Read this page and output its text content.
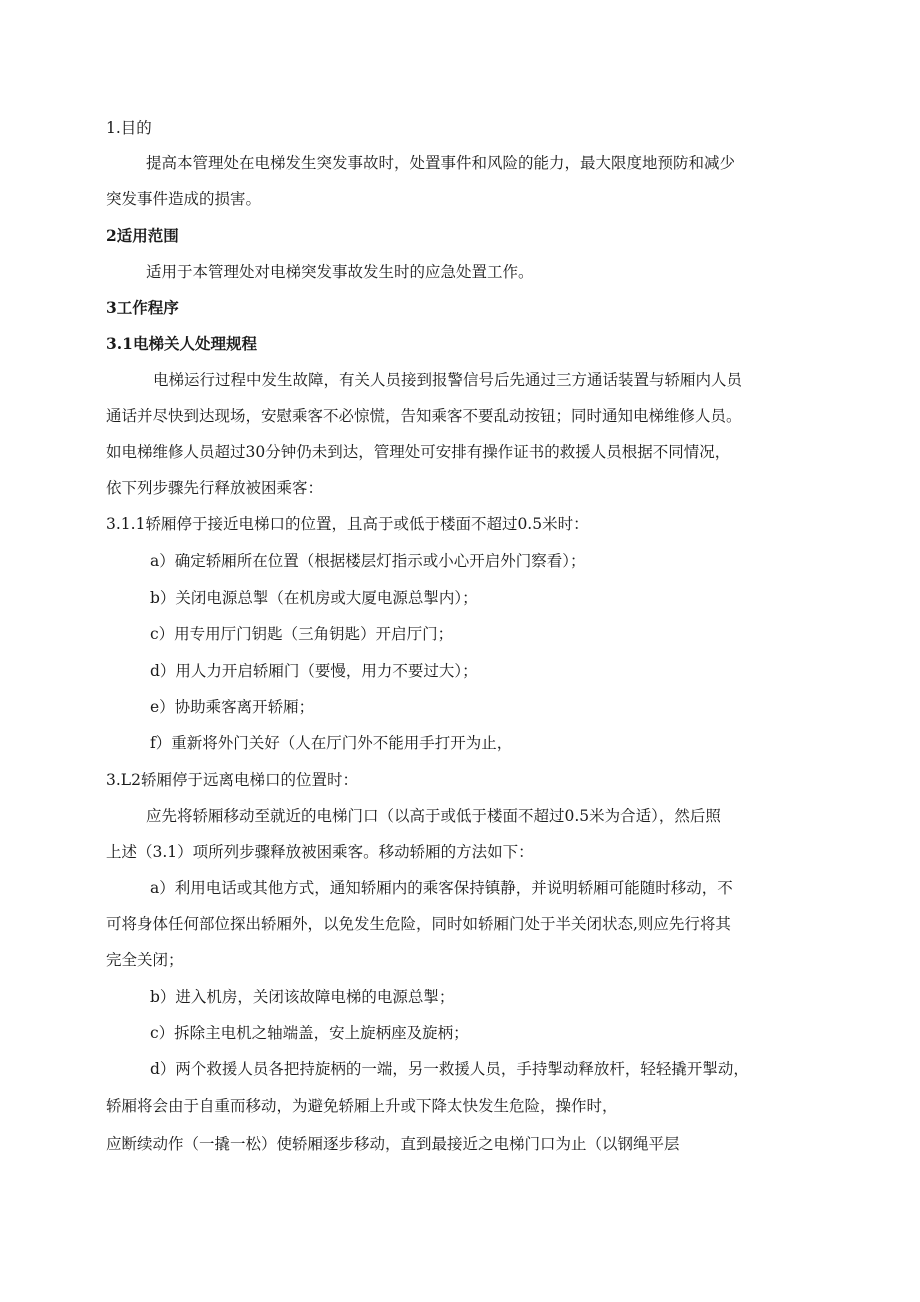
1.目的
提高本管理处在电梯发生突发事故时，处置事件和风险的能力，最大限度地预防和减少
突发事件造成的损害。
2适用范围
适用于本管理处对电梯突发事故发生时的应急处置工作。
3工作程序
3.1电梯关人处理规程
电梯运行过程中发生故障，有关人员接到报警信号后先通过三方通话装置与轿厢内人员
通话并尽快到达现场，安慰乘客不必惊慌，告知乘客不要乱动按钮；同时通知电梯维修人员。
如电梯维修人员超过30分钟仍未到达，管理处可安排有操作证书的救援人员根据不同情况，
依下列步骤先行释放被困乘客：
3.1.1轿厢停于接近电梯口的位置，且高于或低于楼面不超过0.5米时：
a）确定轿厢所在位置（根据楼层灯指示或小心开启外门察看）；
b）关闭电源总掣（在机房或大厦电源总掣内）；
c）用专用厅门钥匙（三角钥匙）开启厅门；
d）用人力开启轿厢门（要慢，用力不要过大）；
e）协助乘客离开轿厢；
f）重新将外门关好（人在厅门外不能用手打开为止，
3.L2轿厢停于远离电梯口的位置时：
应先将轿厢移动至就近的电梯门口（以高于或低于楼面不超过0.5米为合适），然后照
上述（3.1）项所列步骤释放被困乘客。移动轿厢的方法如下：
a）利用电话或其他方式，通知轿厢内的乘客保持镇静，并说明轿厢可能随时移动，不
可将身体任何部位探出轿厢外，以免发生危险，同时如轿厢门处于半关闭状态,则应先行将其
完全关闭；
b）进入机房，关闭该故障电梯的电源总掣；
c）拆除主电机之轴端盖，安上旋柄座及旋柄；
d）两个救援人员各把持旋柄的一端，另一救援人员，手持掣动释放杆，轻轻撬开掣动，
轿厢将会由于自重而移动，为避免轿厢上升或下降太快发生危险，操作时，
应断续动作（一撬一松）使轿厢逐步移动，直到最接近之电梯门口为止（以钢绳平层
